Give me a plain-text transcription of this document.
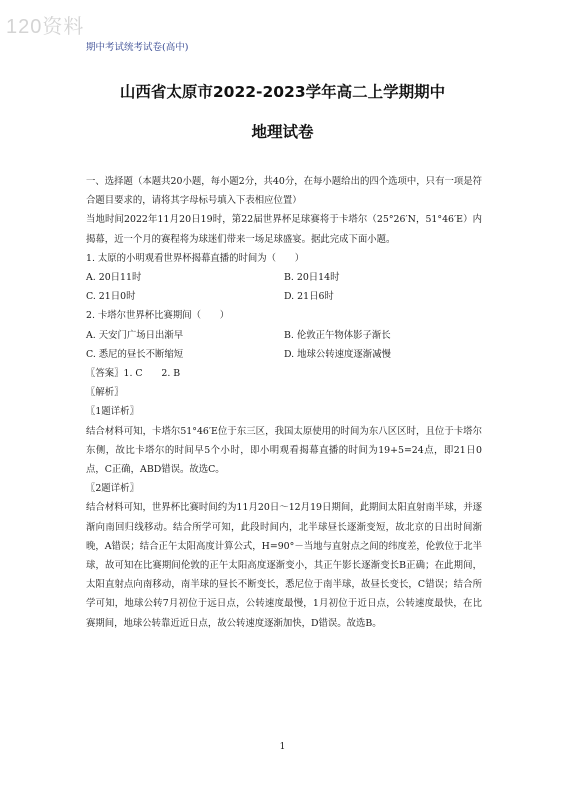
120资料
期中考试统考试卷(高中)
山西省太原市2022-2023学年高二上学期期中
地理试卷

一、选择题（本题共20小题，每小题2分，共40分，在每小题给出的四个选项中，只有一项是符合题目要求的，请将其字母标号填入下表相应位置）

当地时间2022年11月20日19时，第22届世界杯足球赛将于卡塔尔（25°26′N，51°46′E）内揭幕，近一个月的赛程将为球迷们带来一场足球盛宴。据此完成下面小题。

1. 太原的小明观看世界杯揭幕直播的时间为（　　）

A. 20日11时	B. 20日14时
C. 21日0时	D. 21日6时

2. 卡塔尔世界杯比赛期间（　　）

A. 天安门广场日出渐早	B. 伦敦正午物体影子渐长
C. 悉尼的昼长不断缩短	D. 地球公转速度逐渐减慢

〖答案〗1. C　　2. B

〖解析〗

〖1题详析〗

结合材料可知，卡塔尔51°46′E位于东三区，我国太原使用的时间为东八区区时，且位于卡塔尔东侧，故比卡塔尔的时间早5个小时，即小明观看揭幕直播的时间为19+5=24点，即21日0点，C正确，ABD错误。故选C。

〖2题详析〗

结合材料可知，世界杯比赛时间约为11月20日～12月19日期间，此期间太阳直射南半球，并逐渐向南回归线移动。结合所学可知，此段时间内，北半球昼长逐渐变短，故北京的日出时间渐晚，A错误；结合正午太阳高度计算公式，H=90°－当地与直射点之间的纬度差，伦敦位于北半球，故可知在比赛期间伦敦的正午太阳高度逐渐变小，其正午影长逐渐变长B正确；在此期间，太阳直射点向南移动，南半球的昼长不断变长，悉尼位于南半球，故昼长变长，C错误；结合所学可知，地球公转7月初位于远日点，公转速度最慢，1月初位于近日点，公转速度最快，在比赛期间，地球公转靠近近日点，故公转速度逐渐加快，D错误。故选B。

1
